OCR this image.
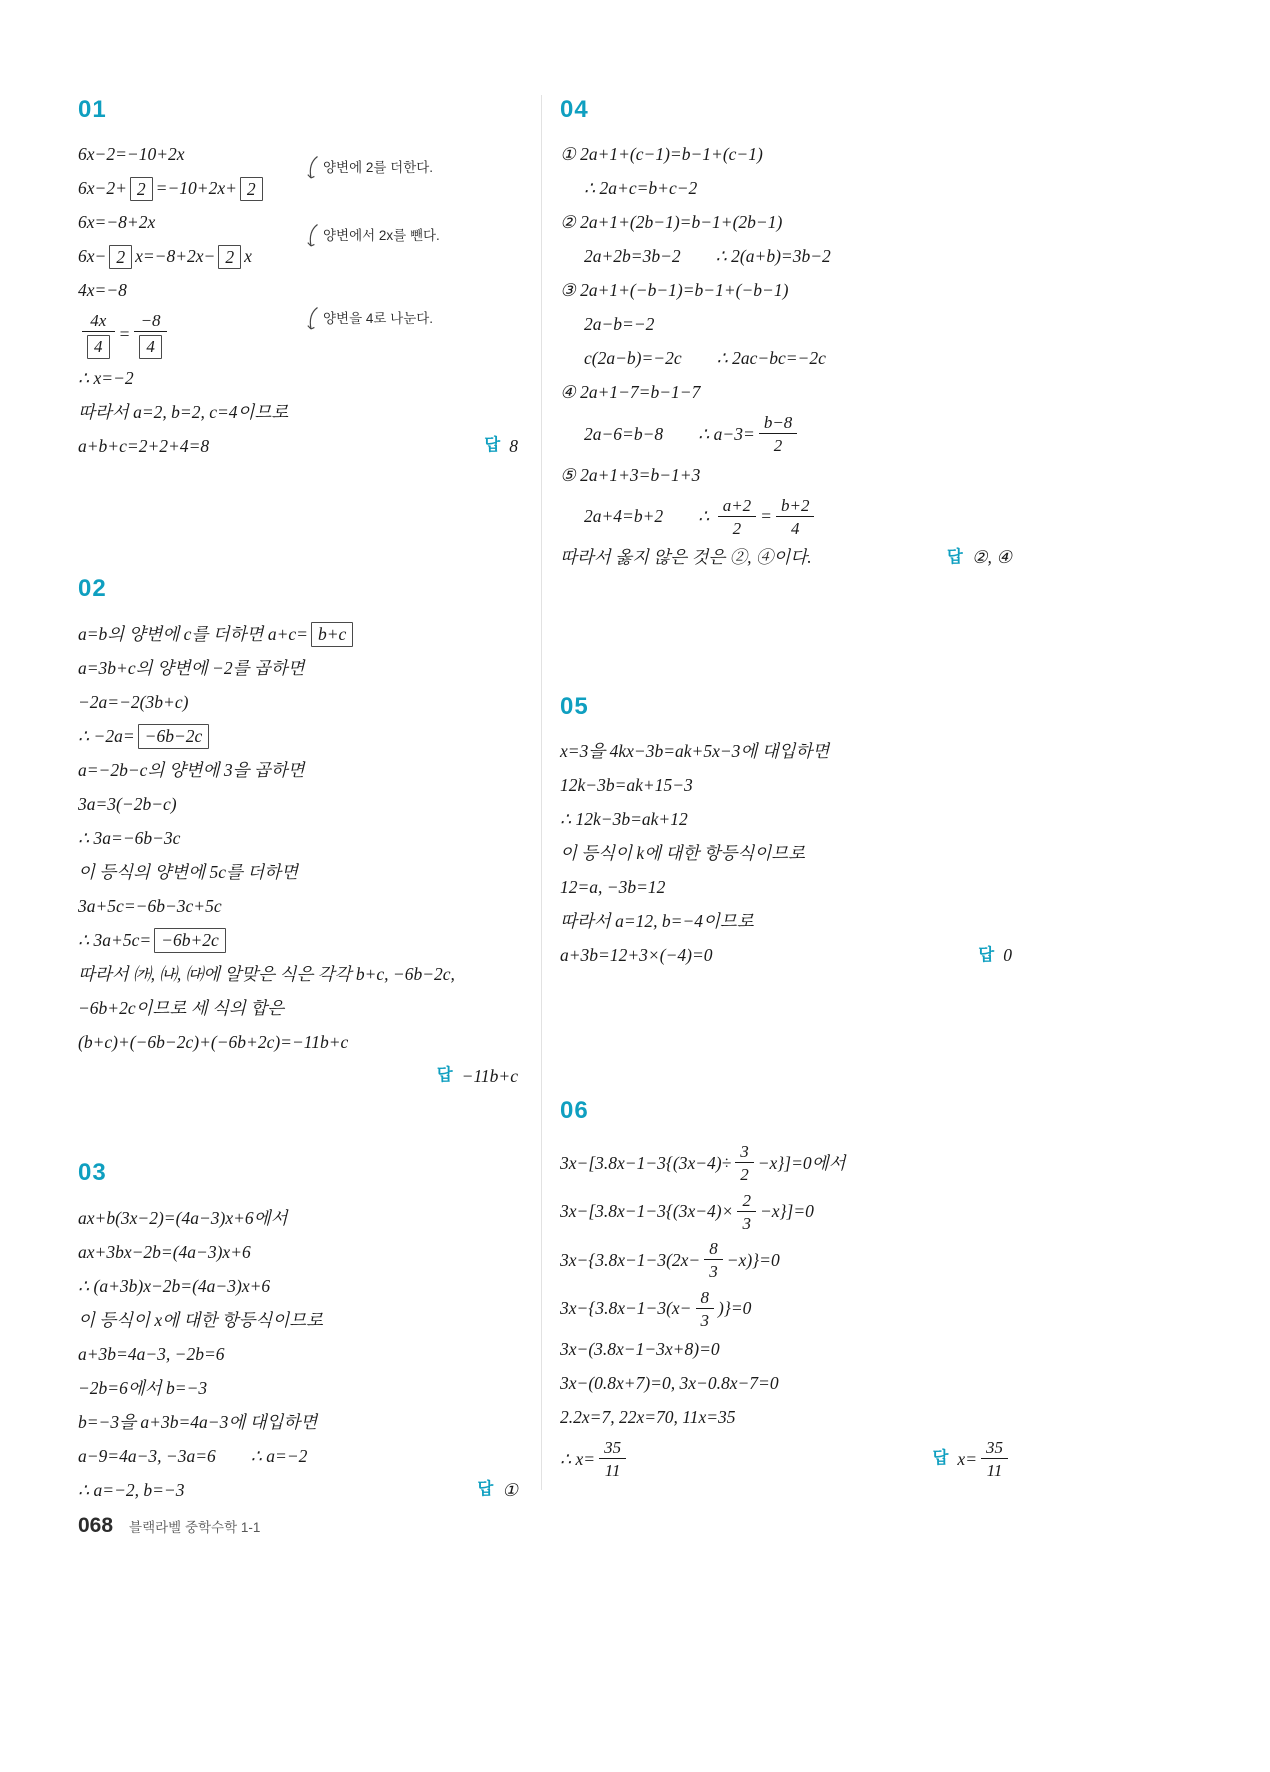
01
6x−2=−10+2x
6x−2+ 2 =−10+2x+ 2
양변에 2를 더한다.
6x=−8+2x
6x− 2 x=−8+2x− 2 x
양변에서 2x를 뺀다.
4x=−8
$\frac{4x}{4} = \frac{-8}{4}$	양변을 4로 나눈다.
∴ x=−2
따라서 a=2, b=2, c=4이므로
a+b+c=2+2+4=8	답 8
02
a=b의 양변에 c를 더하면 a+c= b+c
a=3b+c의 양변에 −2를 곱하면
−2a=−2(3b+c)
∴ −2a= −6b−2c
a=−2b−c의 양변에 3을 곱하면
3a=3(−2b−c)
∴ 3a=−6b−3c
이 등식의 양변에 5c를 더하면
3a+5c=−6b−3c+5c
∴ 3a+5c= −6b+2c
따라서 ㈎, ㈏, ㈐에 알맞은 식은 각각 b+c, −6b−2c,
−6b+2c이므로 세 식의 합은
(b+c)+(−6b−2c)+(−6b+2c)=−11b+c
답 −11b+c
03
ax+b(3x−2)=(4a−3)x+6에서
ax+3bx−2b=(4a−3)x+6
∴ (a+3b)x−2b=(4a−3)x+6
이 등식이 x에 대한 항등식이므로
a+3b=4a−3, −2b=6
−2b=6에서 b=−3
b=−3을 a+3b=4a−3에 대입하면
a−9=4a−3, −3a=6  ∴ a=−2
∴ a=−2, b=−3	답 ①
04
① 2a+1+(c−1)=b−1+(c−1)
∴ 2a+c=b+c−2
② 2a+1+(2b−1)=b−1+(2b−1)
2a+2b=3b−2  ∴ 2(a+b)=3b−2
③ 2a+1+(−b−1)=b−1+(−b−1)
2a−b=−2
c(2a−b)=−2c  ∴ 2ac−bc=−2c
④ 2a+1−7=b−1−7
2a−6=b−8  ∴ $a-3= \frac{b-8}{2}$
⑤ 2a+1+3=b−1+3
2a+4=b+2  ∴ $\frac{a+2}{2} = \frac{b+2}{4}$
따라서 옳지 않은 것은 ②, ④이다.	답 ②, ④
05
x=3을 4kx−3b=ak+5x−3에 대입하면
12k−3b=ak+15−3
∴ 12k−3b=ak+12
이 등식이 k에 대한 항등식이므로
12=a, −3b=12
따라서 a=12, b=−4이므로
a+3b=12+3×(−4)=0	답 0
06
$3x-[3.8x-1-3\{(3x-4)\div \frac{3}{2} -x\}]=0$에서
$3x-[3.8x-1-3\{(3x-4)\times \frac{2}{3} -x\}]=0$
$3x-\{3.8x-1-3(2x- \frac{8}{3} -x)\}=0$
$3x-\{3.8x-1-3(x- \frac{8}{3} )\}=0$
3x−(3.8x−1−3x+8)=0
3x−(0.8x+7)=0, 3x−0.8x−7=0
2.2x=7, 22x=70, 11x=35
∴ $x= \frac{35}{11}$	답 $x= \frac{35}{11}$
068 블랙라벨 중학수학 1-1
